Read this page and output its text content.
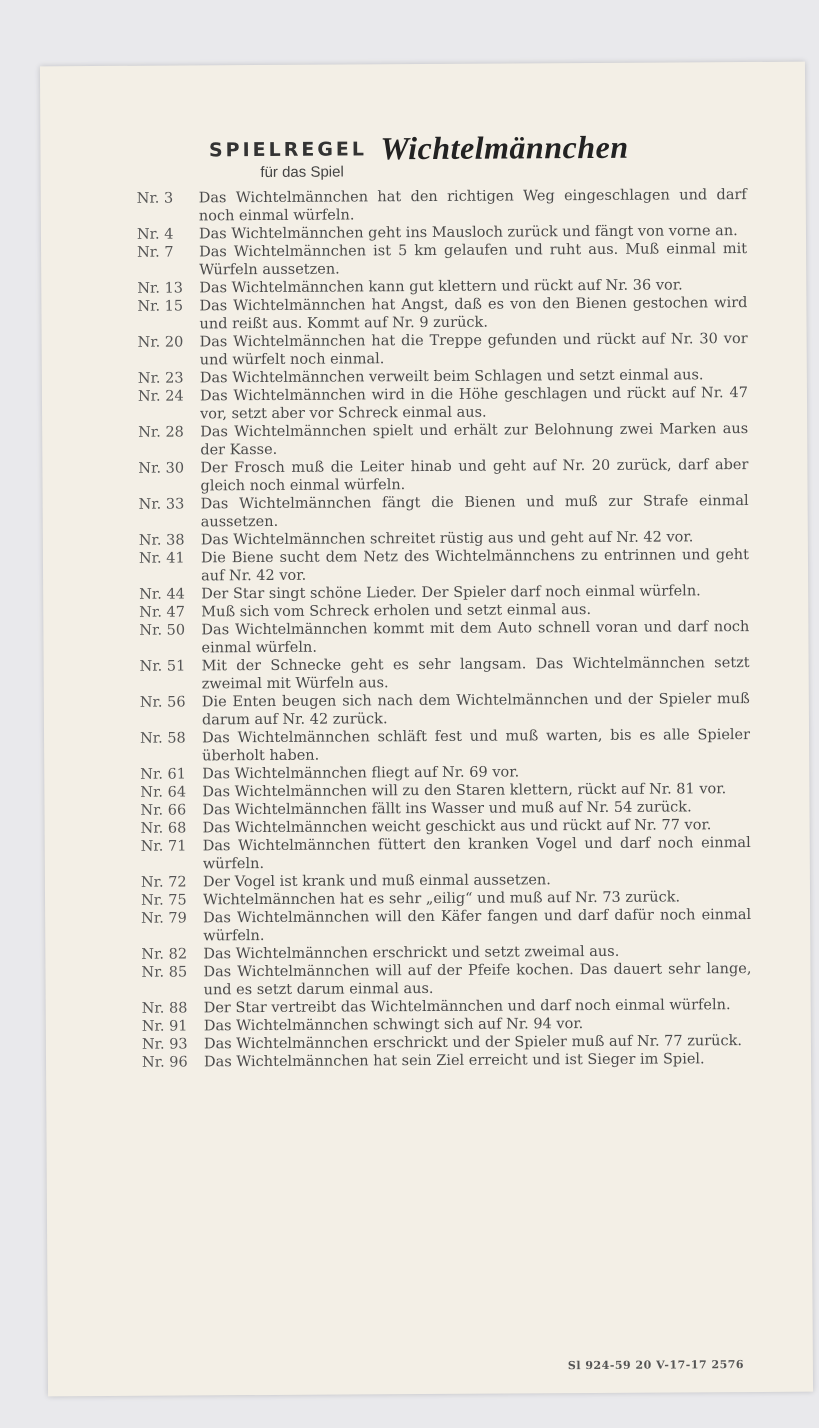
SPIELREGEL
für das Spiel
Wichtelmännchen
Nr. 3	Das Wichtelmännchen hat den richtigen Weg eingeschlagen und darf noch einmal würfeln.
Nr. 4	Das Wichtelmännchen geht ins Mausloch zurück und fängt von vorne an.
Nr. 7	Das Wichtelmännchen ist 5 km gelaufen und ruht aus. Muß einmal mit Würfeln aussetzen.
Nr. 13	Das Wichtelmännchen kann gut klettern und rückt auf Nr. 36 vor.
Nr. 15	Das Wichtelmännchen hat Angst, daß es von den Bienen gestochen wird und reißt aus. Kommt auf Nr. 9 zurück.
Nr. 20	Das Wichtelmännchen hat die Treppe gefunden und rückt auf Nr. 30 vor und würfelt noch einmal.
Nr. 23	Das Wichtelmännchen verweilt beim Schlagen und setzt einmal aus.
Nr. 24	Das Wichtelmännchen wird in die Höhe geschlagen und rückt auf Nr. 47 vor, setzt aber vor Schreck einmal aus.
Nr. 28	Das Wichtelmännchen spielt und erhält zur Belohnung zwei Marken aus der Kasse.
Nr. 30	Der Frosch muß die Leiter hinab und geht auf Nr. 20 zurück, darf aber gleich noch einmal würfeln.
Nr. 33	Das Wichtelmännchen fängt die Bienen und muß zur Strafe einmal aussetzen.
Nr. 38	Das Wichtelmännchen schreitet rüstig aus und geht auf Nr. 42 vor.
Nr. 41	Die Biene sucht dem Netz des Wichtelmännchens zu entrinnen und geht auf Nr. 42 vor.
Nr. 44	Der Star singt schöne Lieder. Der Spieler darf noch einmal würfeln.
Nr. 47	Muß sich vom Schreck erholen und setzt einmal aus.
Nr. 50	Das Wichtelmännchen kommt mit dem Auto schnell voran und darf noch einmal würfeln.
Nr. 51	Mit der Schnecke geht es sehr langsam. Das Wichtelmännchen setzt zweimal mit Würfeln aus.
Nr. 56	Die Enten beugen sich nach dem Wichtelmännchen und der Spieler muß darum auf Nr. 42 zurück.
Nr. 58	Das Wichtelmännchen schläft fest und muß warten, bis es alle Spieler überholt haben.
Nr. 61	Das Wichtelmännchen fliegt auf Nr. 69 vor.
Nr. 64	Das Wichtelmännchen will zu den Staren klettern, rückt auf Nr. 81 vor.
Nr. 66	Das Wichtelmännchen fällt ins Wasser und muß auf Nr. 54 zurück.
Nr. 68	Das Wichtelmännchen weicht geschickt aus und rückt auf Nr. 77 vor.
Nr. 71	Das Wichtelmännchen füttert den kranken Vogel und darf noch einmal würfeln.
Nr. 72	Der Vogel ist krank und muß einmal aussetzen.
Nr. 75	Wichtelmännchen hat es sehr „eilig“ und muß auf Nr. 73 zurück.
Nr. 79	Das Wichtelmännchen will den Käfer fangen und darf dafür noch einmal würfeln.
Nr. 82	Das Wichtelmännchen erschrickt und setzt zweimal aus.
Nr. 85	Das Wichtelmännchen will auf der Pfeife kochen. Das dauert sehr lange, und es setzt darum einmal aus.
Nr. 88	Der Star vertreibt das Wichtelmännchen und darf noch einmal würfeln.
Nr. 91	Das Wichtelmännchen schwingt sich auf Nr. 94 vor.
Nr. 93	Das Wichtelmännchen erschrickt und der Spieler muß auf Nr. 77 zurück.
Nr. 96	Das Wichtelmännchen hat sein Ziel erreicht und ist Sieger im Spiel.
Sl 924-59 20 V-17-17 2576
